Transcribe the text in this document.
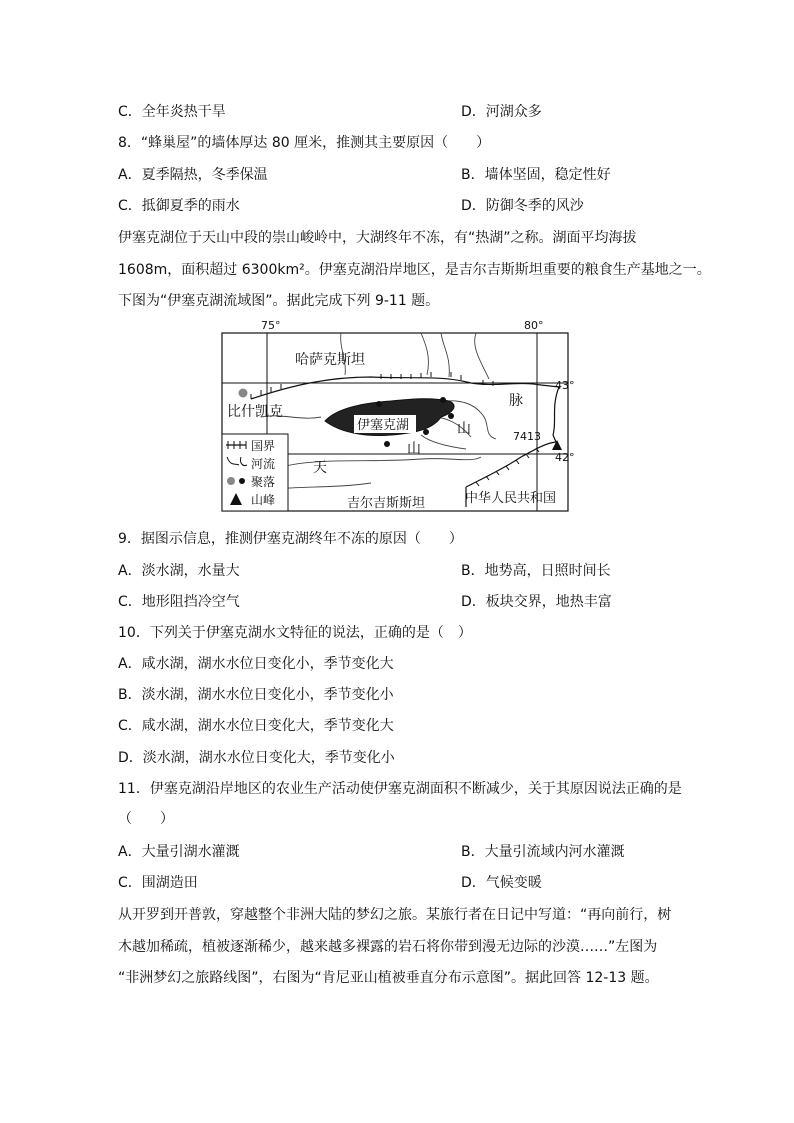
C．全年炎热干旱	D．河湖众多
8．“蜂巢屋”的墙体厚达 80 厘米，推测其主要原因（　　）
A．夏季隔热，冬季保温	B．墙体坚固，稳定性好
C．抵御夏季的雨水	D．防御冬季的风沙
伊塞克湖位于天山中段的崇山峻岭中，大湖终年不冻，有“热湖”之称。湖面平均海拔
1608m，面积超过 6300km²。伊塞克湖沿岸地区，是吉尔吉斯斯坦重要的粮食生产基地之一。
下图为“伊塞克湖流域图”。据此完成下列 9-11 题。
75°	80°
43°
42°
伊塞克湖
哈萨克斯坦
比什凯克
脉
山
山
天
7413
吉尔吉斯斯坦	中华人民共和国
国界
河流
聚落
山峰
9．据图示信息，推测伊塞克湖终年不冻的原因（　　）
A．淡水湖，水量大	B．地势高，日照时间长
C．地形阻挡冷空气	D．板块交界，地热丰富
10．下列关于伊塞克湖水文特征的说法，正确的是（　）
A．咸水湖，湖水水位日变化小，季节变化大
B．淡水湖，湖水水位日变化小，季节变化小
C．咸水湖，湖水水位日变化大，季节变化大
D．淡水湖，湖水水位日变化大，季节变化小
11．伊塞克湖沿岸地区的农业生产活动使伊塞克湖面积不断减少，关于其原因说法正确的是
（　　）
A．大量引湖水灌溉	B．大量引流域内河水灌溉
C．围湖造田	D．气候变暖
从开罗到开普敦，穿越整个非洲大陆的梦幻之旅。某旅行者在日记中写道：“再向前行，树
木越加稀疏，植被逐渐稀少，越来越多裸露的岩石将你带到漫无边际的沙漠……”左图为
“非洲梦幻之旅路线图”，右图为“肯尼亚山植被垂直分布示意图”。据此回答 12-13 题。
